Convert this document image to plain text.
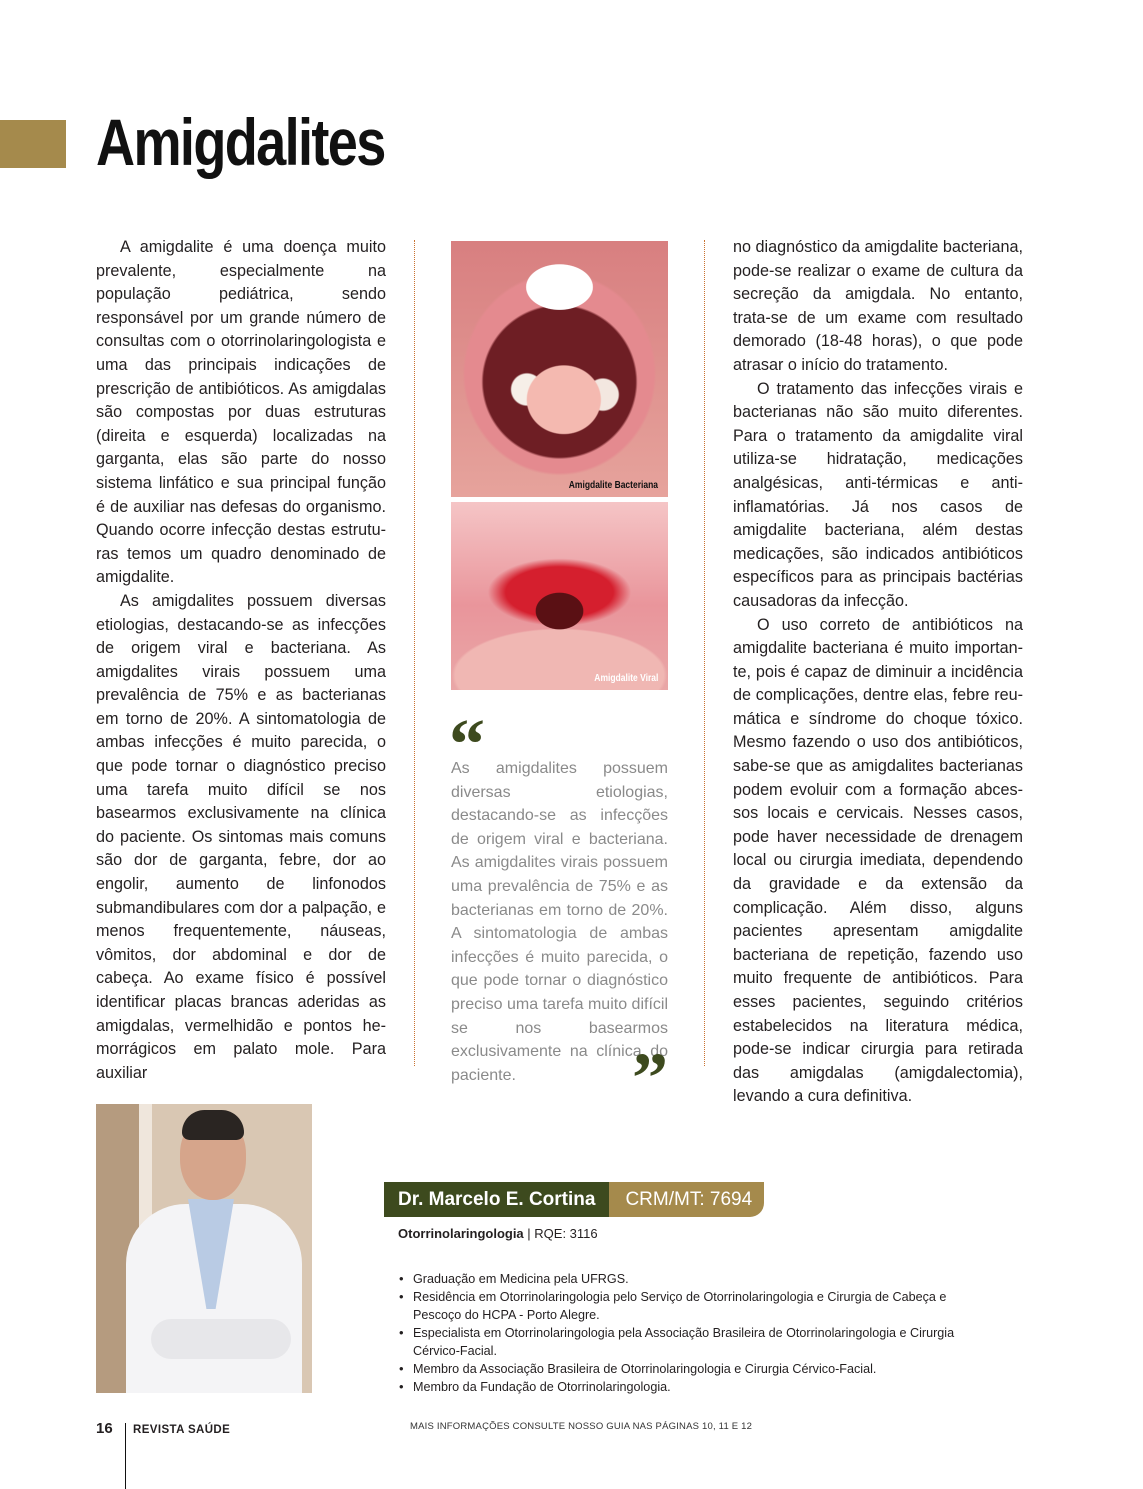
Amigdalites

A amigdalite é uma doença muito prevalente, especialmente na população pediátrica, sendo responsável por um grande número de consultas com o otorrinolaringologista e uma das principais indicações de prescrição de antibióticos. As amigdalas são compostas por duas estruturas (direita e esquerda) localizadas na garganta, elas são parte do nosso sistema linfático e sua principal função é de auxiliar nas defesas do organismo. Quando ocorre infecção destas estruturas temos um quadro denominado de amigdalite.

As amigdalites possuem diversas etiologias, destacando-se as infecções de origem viral e bacteriana. As amigdalites virais possuem uma prevalência de 75% e as bacterianas em torno de 20%. A sintomatologia de ambas infecções é muito parecida, o que pode tornar o diagnóstico preciso uma tarefa muito difícil se nos basearmos exclusivamente na clínica do paciente. Os sintomas mais comuns são dor de garganta, febre, dor ao engolir, aumento de linfonodos submandibulares com dor a palpação, e menos frequentemente, náuseas, vômitos, dor abdominal e dor de cabeça. Ao exame físico é possível identificar placas brancas aderidas as amigdalas, vermelhidão e pontos hemorrágicos em palato mole. Para auxiliar

Amigdalite Bacteriana
Amigdalite Viral
“

As amigdalites possuem diversas etiologias, destacando-se as infecções de origem viral e bacteriana. As amigdalites virais possuem uma prevalência de 75% e as bacterianas em torno de 20%. A sintomatologia de ambas infecções é muito parecida, o que pode tornar o diagnóstico preciso uma tarefa muito difícil se nos basearmos exclusivamente na clínica do paciente.	”

no diagnóstico da amigdalite bacteriana, pode-se realizar o exame de cultura da secreção da amigdala. No entanto, trata-se de um exame com resultado demorado (18-48 horas), o que pode atrasar o início do tratamento.

O tratamento das infecções virais e bacterianas não são muito diferentes. Para o tratamento da amigdalite viral utiliza-se hidratação, medicações analgésicas, anti-térmicas e anti-inflamatórias. Já nos casos de amigdalite bacteriana, além destas medicações, são indicados antibióticos específicos para as principais bactérias causadoras da infecção.

O uso correto de antibióticos na amigdalite bacteriana é muito importante, pois é capaz de diminuir a incidência de complicações, dentre elas, febre reumática e síndrome do choque tóxico. Mesmo fazendo o uso dos antibióticos, sabe-se que as amigdalites bacterianas podem evoluir com a formação abcessos locais e cervicais. Nesses casos, pode haver necessidade de drenagem local ou cirurgia imediata, dependendo da gravidade e da extensão da complicação. Além disso, alguns pacientes apresentam amigdalite bacteriana de repetição, fazendo uso muito frequente de antibióticos. Para esses pacientes, seguindo critérios estabelecidos na literatura médica, pode-se indicar cirurgia para retirada das amigdalas (amigdalectomia), levando a cura definitiva.

Dr. Marcelo E. Cortina	CRM/MT: 7694
Otorrinolaringologia | RQE: 3116
• Graduação em Medicina pela UFRGS.
• Residência em Otorrinolaringologia pelo Serviço de Otorrinolaringologia e Cirurgia de Cabeça e Pescoço do HCPA - Porto Alegre.
• Especialista em Otorrinolaringologia pela Associação Brasileira de Otorrinolaringologia e Cirurgia Cérvico-Facial.
• Membro da Associação Brasileira de Otorrinolaringologia e Cirurgia Cérvico-Facial.
• Membro da Fundação de Otorrinolaringologia.
16 REVISTA SAÚDE	MAIS INFORMAÇÕES CONSULTE NOSSO GUIA NAS PÁGINAS 10, 11 E 12
